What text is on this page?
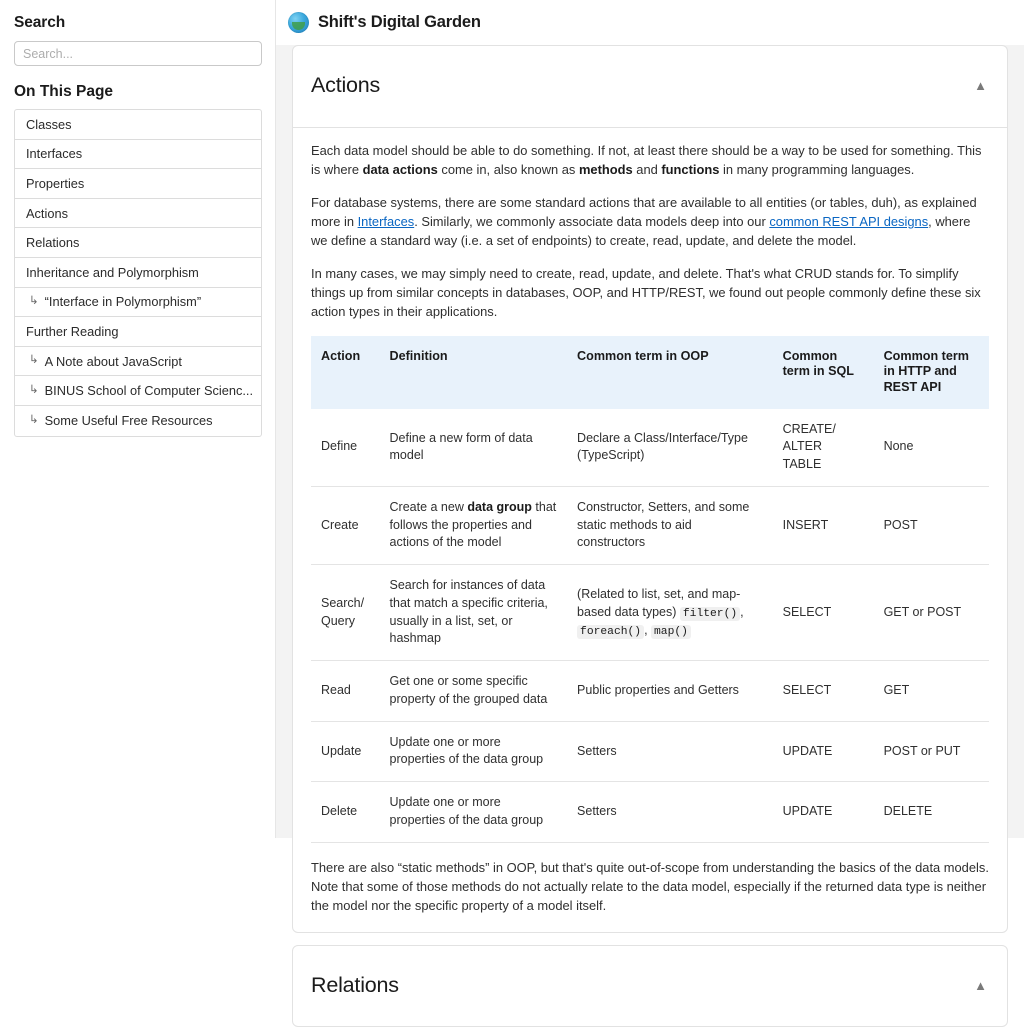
Search
Search...
On This Page
Classes
Interfaces
Properties
Actions
Relations
Inheritance and Polymorphism
↳ “Interface in Polymorphism”
Further Reading
↳ A Note about JavaScript
↳ BINUS School of Computer Scienc...
↳ Some Useful Free Resources
Shift's Digital Garden
Actions	▲

Each data model should be able to do something. If not, at least there should be a way to be used for something. This is where data actions come in, also known as methods and functions in many programming languages.

For database systems, there are some standard actions that are available to all entities (or tables, duh), as explained more in Interfaces. Similarly, we commonly associate data models deep into our common REST API designs, where we define a standard way (i.e. a set of endpoints) to create, read, update, and delete the model.

In many cases, we may simply need to create, read, update, and delete. That's what CRUD stands for. To simplify things up from similar concepts in databases, OOP, and HTTP/REST, we found out people commonly define these six action types in their applications.

Action	Definition	Common term in OOP	Common term in SQL	Common term in HTTP and REST API
Define	Define a new form of data model	Declare a Class/Interface/Type (TypeScript)	CREATE/ ALTER TABLE	None
Create	Create a new data group that follows the properties and actions of the model	Constructor, Setters, and some static methods to aid constructors	INSERT	POST
Search/ Query	Search for instances of data that match a specific criteria, usually in a list, set, or hashmap	(Related to list, set, and map-based data types) filter() , foreach() , map()	SELECT	GET or POST
Read	Get one or some specific property of the grouped data	Public properties and Getters	SELECT	GET
Update	Update one or more properties of the data group	Setters	UPDATE	POST or PUT
Delete	Update one or more properties of the data group	Setters	UPDATE	DELETE

There are also “static methods” in OOP, but that's quite out-of-scope from understanding the basics of the data models. Note that some of those methods do not actually relate to the data model, especially if the returned data type is neither the model nor the specific property of a model itself.

Relations	▲
